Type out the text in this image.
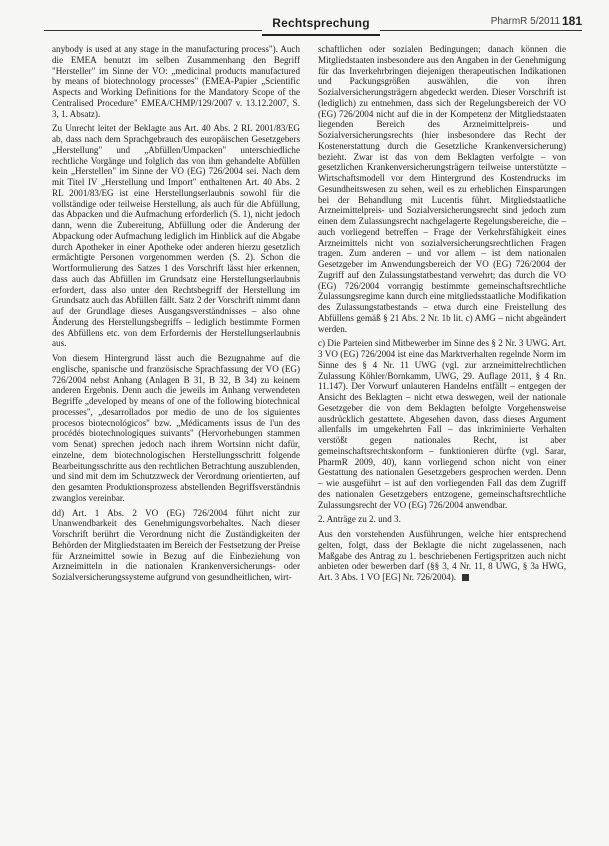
Rechtsprechung	PharmR 5/2011 181

anybody is used at any stage in the manufacturing process"). Auch die EMEA benutzt im selben Zusammenhang den Begriff "Hersteller" im Sinne der VO: „medicinal products manufactured by means of biotechnology processes" (EMEA-Papier „Scientific Aspects and Working Definitions for the Mandatory Scope of the Centralised Procedure" EMEA/CHMP/129/2007 v. 13.12.2007, S. 3, 1. Absatz).

Zu Unrecht leitet der Beklagte aus Art. 40 Abs. 2 RL 2001/83/EG ab, dass nach dem Sprachgebrauch des europäischen Gesetzgebers „Herstellung" und „Abfüllen/Umpacken" unterschiedliche rechtliche Vorgänge und folglich das von ihm gehandelte Abfüllen kein „Herstellen" im Sinne der VO (EG) 726/2004 sei. Nach dem mit Titel IV „Herstellung und Import" enthaltenen Art. 40 Abs. 2 RL 2001/83/EG ist eine Herstellungserlaubnis sowohl für die vollständige oder teilweise Herstellung, als auch für die Abfüllung, das Abpacken und die Aufmachung erforderlich (S. 1), nicht jedoch dann, wenn die Zubereitung, Abfüllung oder die Änderung der Abpackung oder Aufmachung lediglich im Hinblick auf die Abgabe durch Apotheker in einer Apotheke oder anderen hierzu gesetzlich ermächtigte Personen vorgenommen werden (S. 2). Schon die Wortformulierung des Satzes 1 des Vorschrift lässt hier erkennen, dass auch das Abfüllen im Grundsatz eine Herstellungserlaubnis erfordert, dass also unter den Rechtsbegriff der Herstellung im Grundsatz auch das Abfüllen fällt. Satz 2 der Vorschrift nimmt dann auf der Grundlage dieses Ausgangsverständnisses – also ohne Änderung des Herstellungsbegriffs – lediglich bestimmte Formen des Abfüllens etc. von dem Erfordernis der Herstellungserlaubnis aus.

Von diesem Hintergrund lässt auch die Bezugnahme auf die englische, spanische und französische Sprachfassung der VO (EG) 726/2004 nebst Anhang (Anlagen B 31, B 32, B 34) zu keinem anderen Ergebnis. Denn auch die jeweils im Anhang verwendeten Begriffe „developed by means of one of the following biotechnical processes", „desarrollados por medio de uno de los siguientes procesos biotecnológicos" bzw. „Médicaments issus de l'un des procédés biotechnologiques suivants" (Hervorhebungen stammen vom Senat) sprechen jedoch nach ihrem Wortsinn nicht dafür, einzelne, dem biotechnologischen Herstellungsschritt folgende Bearbeitungsschritte aus den rechtlichen Betrachtung auszublenden, und sind mit dem im Schutzzweck der Verordnung orientierten, auf den gesamten Produktionsprozess abstellenden Begriffsverständnis zwanglos vereinbar.

dd) Art. 1 Abs. 2 VO (EG) 726/2004 führt nicht zur Unanwendbarkeit des Genehmigungsvorbehaltes. Nach dieser Vorschrift berührt die Verordnung nicht die Zuständigkeiten der Behörden der Mitgliedstaaten im Bereich der Festsetzung der Preise für Arzneimittel sowie in Bezug auf die Einbeziehung von Arzneimitteln in die nationalen Krankenversicherungs- oder Sozialversicherungssysteme aufgrund von gesundheitlichen, wirt-

schaftlichen oder sozialen Bedingungen; danach können die Mitgliedstaaten insbesondere aus den Angaben in der Genehmigung für das Inverkehrbringen diejenigen therapeutischen Indikationen und Packungsgrößen auswählen, die von ihren Sozialversicherungsträgern abgedeckt werden. Dieser Vorschrift ist (lediglich) zu entnehmen, dass sich der Regelungsbereich der VO (EG) 726/2004 nicht auf die in der Kompetenz der Mitgliedstaaten liegenden Bereich des Arzneimittelpreis- und Sozialversicherungsrechts (hier insbesondere das Recht der Kostenerstattung durch die Gesetzliche Krankenversicherung) bezieht. Zwar ist das von dem Beklagten verfolgte – von gesetzlichen Krankenversicherungsträgern teilweise unterstützte – Wirtschaftsmodell vor dem Hintergrund des Kostendrucks im Gesundheitswesen zu sehen, weil es zu erheblichen Einsparungen bei der Behandlung mit Lucentis führt. Mitgliedstaatliche Arzneimittelpreis- und Sozialversicherungsrecht sind jedoch zum einen dem Zulassungsrecht nachgelagerte Regelungsbereiche, die – auch vorliegend betreffen – Frage der Verkehrsfähigkeit eines Arzneimittels nicht von sozialversicherungsrechtlichen Fragen tragen. Zum anderen – und vor allem – ist dem nationalen Gesetzgeber im Anwendungsbereich der VO (EG) 726/2004 der Zugriff auf den Zulassungstatbestand verwehrt; das durch die VO (EG) 726/2004 vorrangig bestimmte gemeinschaftsrechtliche Zulassungsregime kann durch eine mitgliedsstaatliche Modifikation des Zulassungstatbestands – etwa durch eine Freistellung des Abfüllens gemäß § 21 Abs. 2 Nr. 1b lit. c) AMG – nicht abgeändert werden.

c) Die Parteien sind Mitbewerber im Sinne des § 2 Nr. 3 UWG. Art. 3 VO (EG) 726/2004 ist eine das Marktverhalten regelnde Norm im Sinne des § 4 Nr. 11 UWG (vgl. zur arzneimittelrechtlichen Zulassung Köhler/Bornkamm, UWG, 29. Auflage 2011, § 4 Rn. 11.147). Der Vorwurf unlauteren Handelns entfällt – entgegen der Ansicht des Beklagten – nicht etwa deswegen, weil der nationale Gesetzgeber die von dem Beklagten befolgte Vorgehensweise ausdrücklich gestattete. Abgesehen davon, dass dieses Argument allenfalls im umgekehrten Fall – das inkriminierte Verhalten verstößt gegen nationales Recht, ist aber gemeinschaftsrechtskonform – funktionieren dürfte (vgl. Sarar, PharmR 2009, 40), kann vorliegend schon nicht von einer Gestattung des nationalen Gesetzgebers gesprochen werden. Denn – wie ausgeführt – ist auf den vorliegenden Fall das dem Zugriff des nationalen Gesetzgebers entzogene, gemeinschaftsrechtliche Zulassungsrecht der VO (EG) 726/2004 anwendbar.

2. Anträge zu 2. und 3.

Aus den vorstehenden Ausführungen, welche hier entsprechend gelten, folgt, dass der Beklagte die nicht zugelassenen, nach Maßgabe des Antrag zu 1. beschriebenen Fertigspritzen auch nicht anbieten oder bewerben darf (§§ 3, 4 Nr. 11, 8 UWG, § 3a HWG, Art. 3 Abs. 1 VO [EG] Nr. 726/2004).
